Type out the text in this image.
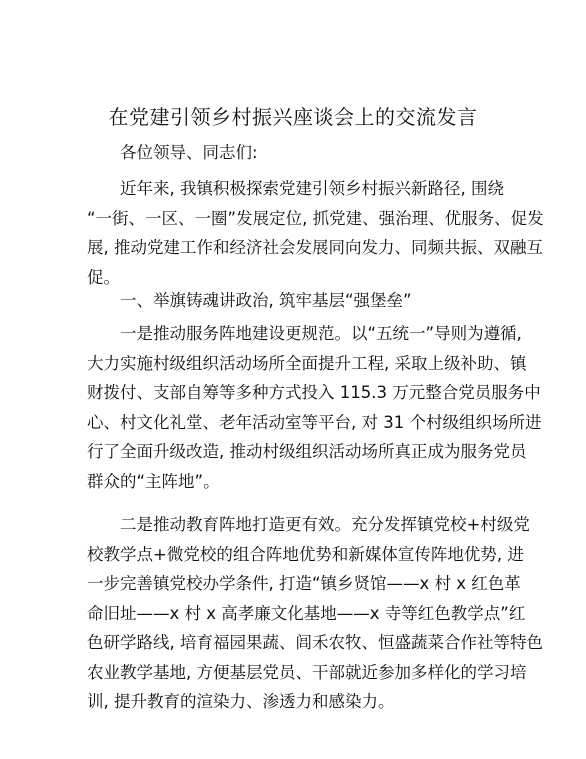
在党建引领乡村振兴座谈会上的交流发言
各位领导、同志们:
近年来, 我镇积极探索党建引领乡村振兴新路径, 围绕
“一街、一区、一圈”发展定位, 抓党建、强治理、优服务、促发
展, 推动党建工作和经济社会发展同向发力、同频共振、双融互
促。
一、举旗铸魂讲政治, 筑牢基层“强堡垒”
一是推动服务阵地建设更规范。以“五统一”导则为遵循,
大力实施村级组织活动场所全面提升工程, 采取上级补助、镇
财拨付、支部自筹等多种方式投入 115.3 万元整合党员服务中
心、村文化礼堂、老年活动室等平台, 对 31 个村级组织场所进
行了全面升级改造, 推动村级组织活动场所真正成为服务党员
群众的“主阵地”。
二是推动教育阵地打造更有效。充分发挥镇党校+村级党
校教学点+微党校的组合阵地优势和新媒体宣传阵地优势, 进
一步完善镇党校办学条件, 打造“镇乡贤馆——x 村 x 红色革
命旧址——x 村 x 高孝廉文化基地——x 寺等红色教学点”红
色研学路线, 培育福园果蔬、闾禾农牧、恒盛蔬菜合作社等特色
农业教学基地, 方便基层党员、干部就近参加多样化的学习培
训, 提升教育的渲染力、渗透力和感染力。
